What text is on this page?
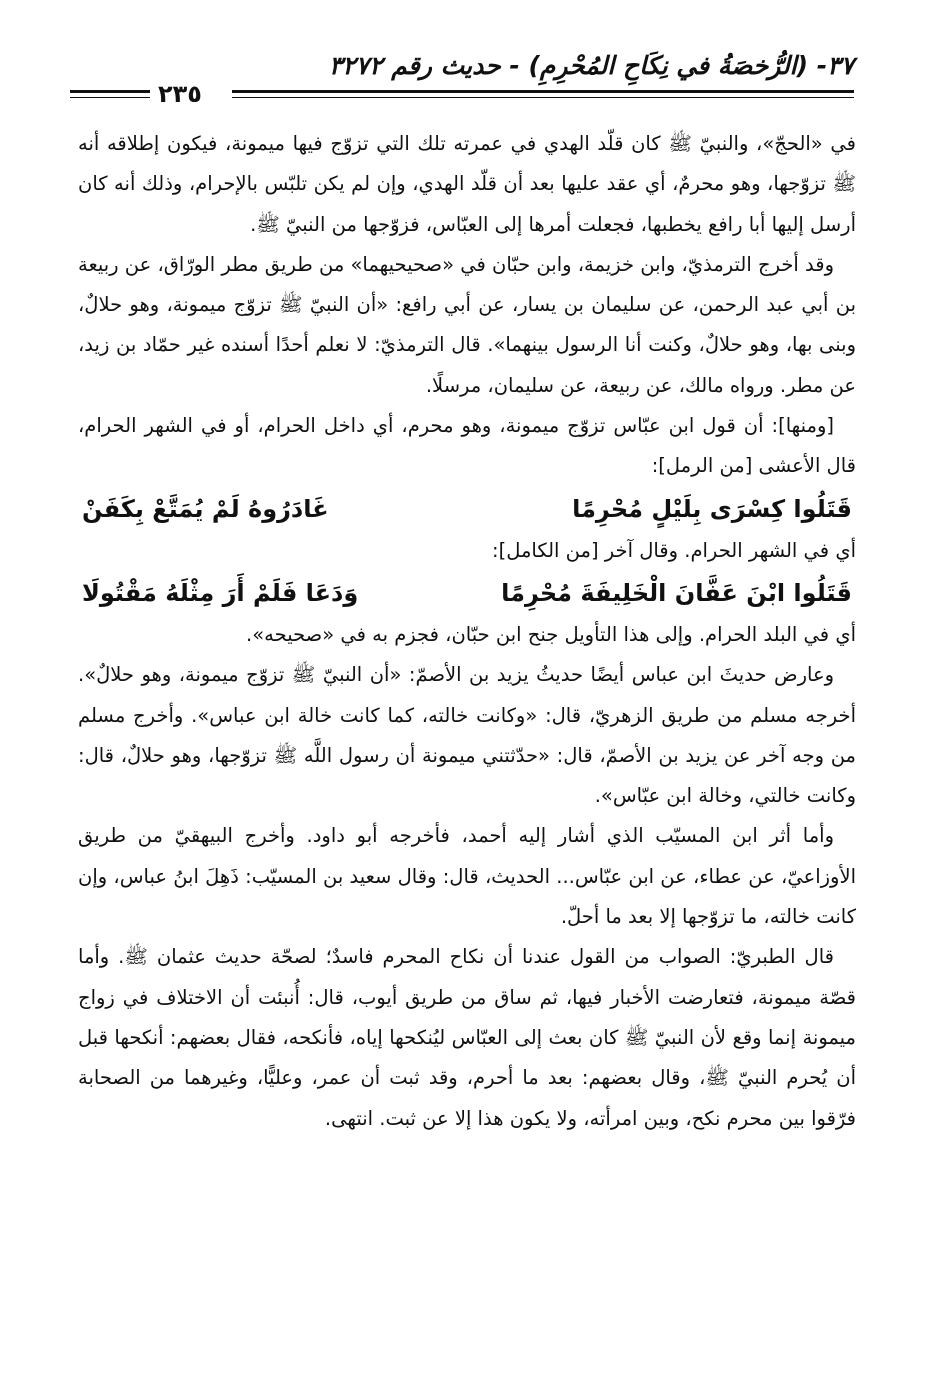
٣٧- (الرُّخصَةُ في نِكَاحِ المُحْرِمِ) - حديث رقم ٣٢٧٢
٢٣٥

في «الحجّ»، والنبيّ ﷺ كان قلّد الهدي في عمرته تلك التي تزوّج فيها ميمونة، فيكون إطلاقه أنه ﷺ تزوّجها، وهو محرمٌ، أي عقد عليها بعد أن قلّد الهدي، وإن لم يكن تلبّس بالإحرام، وذلك أنه كان أرسل إليها أبا رافع يخطبها، فجعلت أمرها إلى العبّاس، فزوّجها من النبيّ ﷺ.

وقد أخرج الترمذيّ، وابن خزيمة، وابن حبّان في «صحيحيهما» من طريق مطر الورّاق، عن ربيعة بن أبي عبد الرحمن، عن سليمان بن يسار، عن أبي رافع: «أن النبيّ ﷺ تزوّج ميمونة، وهو حلالٌ، وبنى بها، وهو حلالٌ، وكنت أنا الرسول بينهما». قال الترمذيّ: لا نعلم أحدًا أسنده غير حمّاد بن زيد، عن مطر. ورواه مالك، عن ربيعة، عن سليمان، مرسلًا.

[ومنها]: أن قول ابن عبّاس تزوّج ميمونة، وهو محرم، أي داخل الحرام، أو في الشهر الحرام، قال الأعشى [من الرمل]:

قَتَلُوا كِسْرَى بِلَيْلٍ مُحْرِمًا
غَادَرُوهُ لَمْ يُمَتَّعْ بِكَفَنْ

أي في الشهر الحرام. وقال آخر [من الكامل]:

قَتَلُوا ابْنَ عَفَّانَ الْخَلِيفَةَ مُحْرِمًا
وَدَعَا فَلَمْ أَرَ مِثْلَهُ مَقْتُولَا

أي في البلد الحرام. وإلى هذا التأويل جنح ابن حبّان، فجزم به في «صحيحه».

وعارض حديثَ ابن عباس أيضًا حديثُ يزيد بن الأصمّ: «أن النبيّ ﷺ تزوّج ميمونة، وهو حلالٌ». أخرجه مسلم من طريق الزهريّ، قال: «وكانت خالته، كما كانت خالة ابن عباس». وأخرج مسلم من وجه آخر عن يزيد بن الأصمّ، قال: «حدّثتني ميمونة أن رسول اللَّه ﷺ تزوّجها، وهو حلالٌ، قال: وكانت خالتي، وخالة ابن عبّاس».

وأما أثر ابن المسيّب الذي أشار إليه أحمد، فأخرجه أبو داود. وأخرج البيهقيّ من طريق الأوزاعيّ، عن عطاء، عن ابن عبّاس... الحديث، قال: وقال سعيد بن المسيّب: ذَهِلَ ابنُ عباس، وإن كانت خالته، ما تزوّجها إلا بعد ما أحلّ.

قال الطبريّ: الصواب من القول عندنا أن نكاح المحرم فاسدٌ؛ لصحّة حديث عثمان ﷺ. وأما قصّة ميمونة، فتعارضت الأخبار فيها، ثم ساق من طريق أيوب، قال: أُنبئت أن الاختلاف في زواج ميمونة إنما وقع لأن النبيّ ﷺ كان بعث إلى العبّاس ليُنكحها إياه، فأنكحه، فقال بعضهم: أنكحها قبل أن يُحرم النبيّ ﷺ، وقال بعضهم: بعد ما أحرم، وقد ثبت أن عمر، وعليًّا، وغيرهما من الصحابة فرّقوا بين محرم نكح، وبين امرأته، ولا يكون هذا إلا عن ثبت. انتهى.
